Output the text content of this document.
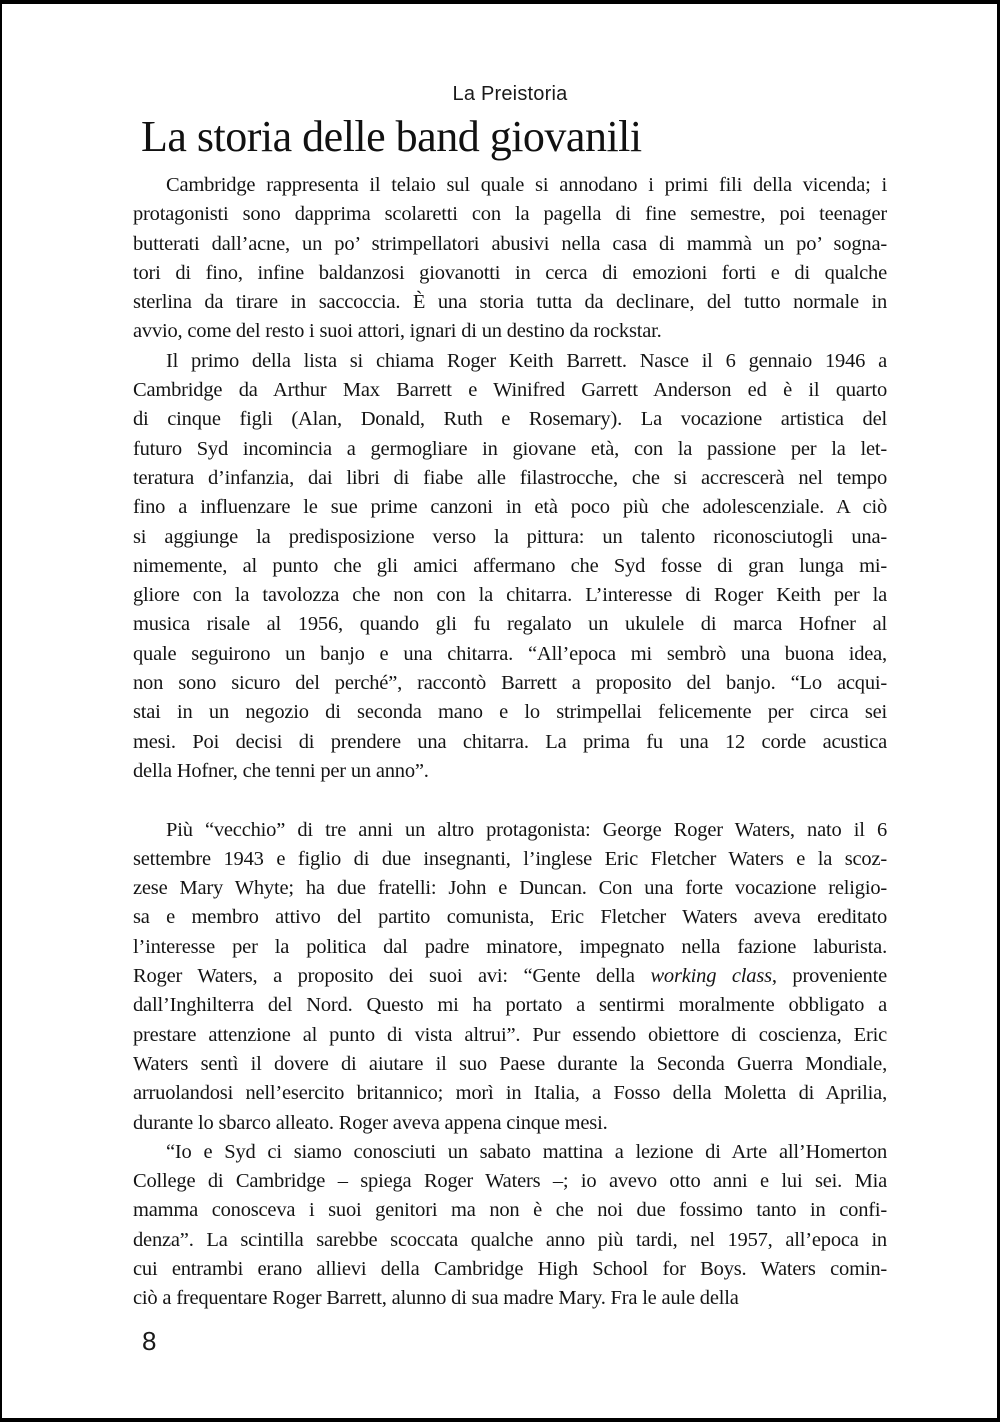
La Preistoria
La storia delle band giovanili

Cambridge rappresenta il telaio sul quale si annodano i primi fili della vicenda; i
protagonisti sono dapprima scolaretti con la pagella di fine semestre, poi teenager
butterati dall’acne, un po’ strimpellatori abusivi nella casa di mammà un po’ sogna-
tori di fino, infine baldanzosi giovanotti in cerca di emozioni forti e di qualche
sterlina da tirare in saccoccia. È una storia tutta da declinare, del tutto normale in
avvio, come del resto i suoi attori, ignari di un destino da rockstar.

Il primo della lista si chiama Roger Keith Barrett. Nasce il 6 gennaio 1946 a
Cambridge da Arthur Max Barrett e Winifred Garrett Anderson ed è il quarto
di cinque figli (Alan, Donald, Ruth e Rosemary). La vocazione artistica del
futuro Syd incomincia a germogliare in giovane età, con la passione per la let-
teratura d’infanzia, dai libri di fiabe alle filastrocche, che si accrescerà nel tempo
fino a influenzare le sue prime canzoni in età poco più che adolescenziale. A ciò
si aggiunge la predisposizione verso la pittura: un talento riconosciutogli una-
nimemente, al punto che gli amici affermano che Syd fosse di gran lunga mi-
gliore con la tavolozza che non con la chitarra. L’interesse di Roger Keith per la
musica risale al 1956, quando gli fu regalato un ukulele di marca Hofner al
quale seguirono un banjo e una chitarra. “All’epoca mi sembrò una buona idea,
non sono sicuro del perché”, raccontò Barrett a proposito del banjo. “Lo acqui-
stai in un negozio di seconda mano e lo strimpellai felicemente per circa sei
mesi. Poi decisi di prendere una chitarra. La prima fu una 12 corde acustica
della Hofner, che tenni per un anno”.

Più “vecchio” di tre anni un altro protagonista: George Roger Waters, nato il 6
settembre 1943 e figlio di due insegnanti, l’inglese Eric Fletcher Waters e la scoz-
zese Mary Whyte; ha due fratelli: John e Duncan. Con una forte vocazione religio-
sa e membro attivo del partito comunista, Eric Fletcher Waters aveva ereditato
l’interesse per la politica dal padre minatore, impegnato nella fazione laburista.
Roger Waters, a proposito dei suoi avi: “Gente della working class, proveniente
dall’Inghilterra del Nord. Questo mi ha portato a sentirmi moralmente obbligato a
prestare attenzione al punto di vista altrui”. Pur essendo obiettore di coscienza, Eric
Waters sentì il dovere di aiutare il suo Paese durante la Seconda Guerra Mondiale,
arruolandosi nell’esercito britannico; morì in Italia, a Fosso della Moletta di Aprilia,
durante lo sbarco alleato. Roger aveva appena cinque mesi.

“Io e Syd ci siamo conosciuti un sabato mattina a lezione di Arte all’Homerton
College di Cambridge – spiega Roger Waters –; io avevo otto anni e lui sei. Mia
mamma conosceva i suoi genitori ma non è che noi due fossimo tanto in confi-
denza”. La scintilla sarebbe scoccata qualche anno più tardi, nel 1957, all’epoca in
cui entrambi erano allievi della Cambridge High School for Boys. Waters comin-
ciò a frequentare Roger Barrett, alunno di sua madre Mary. Fra le aule della

8
